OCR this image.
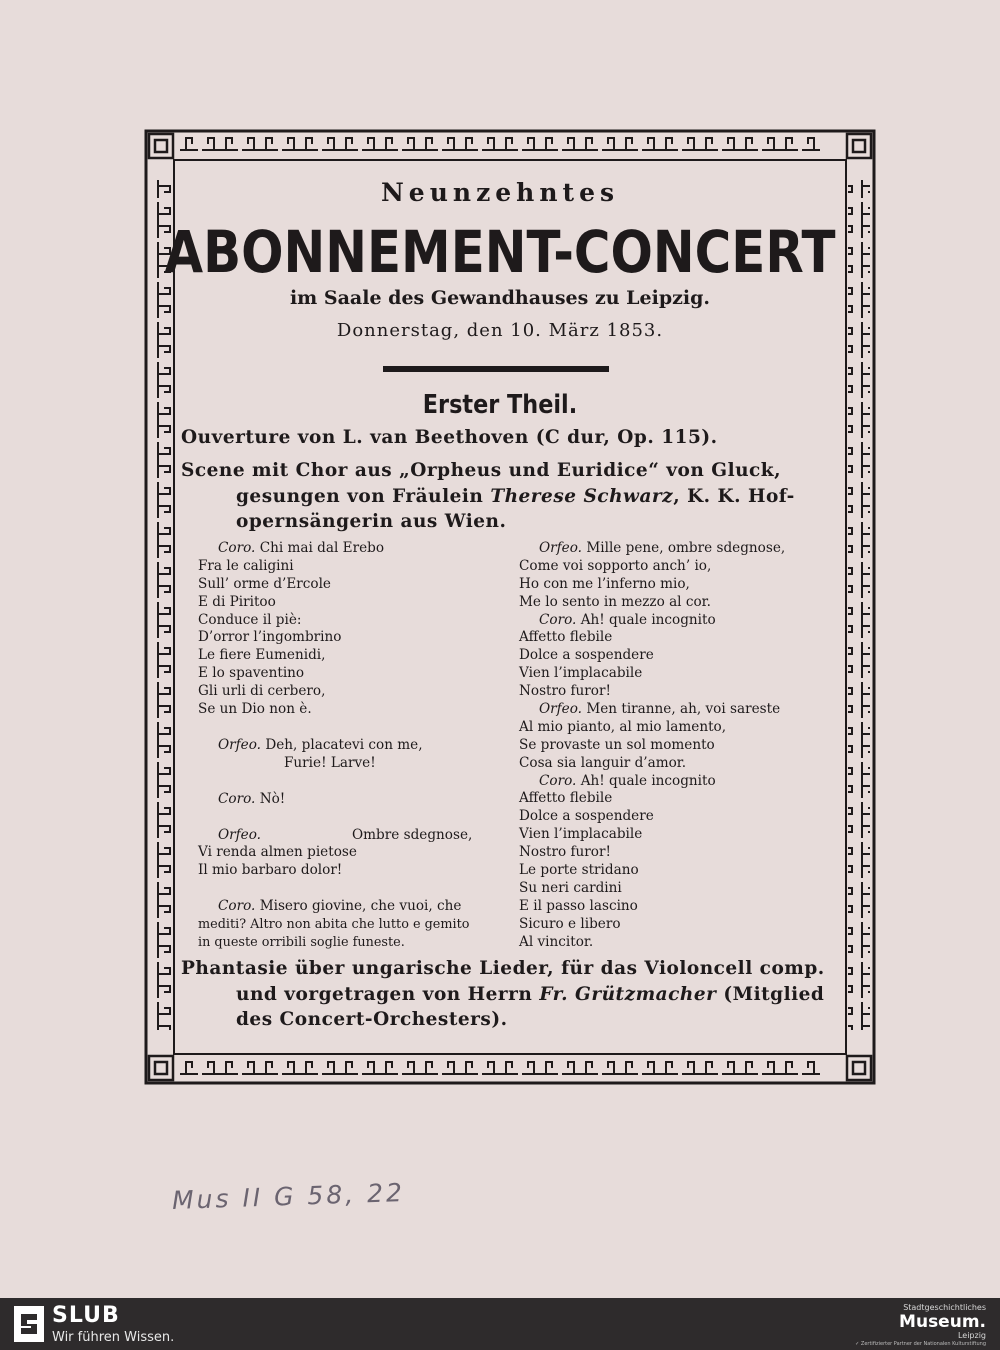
Neunzehntes
ABONNEMENT-CONCERT
im Saale des Gewandhauses zu Leipzig.
Donnerstag, den 10. März 1853.
Erster Theil.
Ouverture von L. van Beethoven (C dur, Op. 115).
Scene mit Chor aus „Orpheus und Euridice“ von Gluck,
gesungen von Fräulein Therese Schwarz, K. K. Hof-
opernsängerin aus Wien.
Coro. Chi mai dal Erebo
Fra le caligini
Sull’ orme d’Ercole
E di Piritoo
Conduce il piè:
D’orror l’ingombrino
Le fiere Eumenidi,
E lo spaventino
Gli urli di cerbero,
Se un Dio non è.
Orfeo. Deh, placatevi con me,
Furie! Larve!
Coro. Nò!
Orfeo.	Ombre sdegnose,
Vi renda almen pietose
Il mio barbaro dolor!
Coro. Misero giovine, che vuoi, che
mediti? Altro non abita che lutto e gemito
in queste orribili soglie funeste.
Orfeo. Mille pene, ombre sdegnose,
Come voi sopporto anch’ io,
Ho con me l’inferno mio,
Me lo sento in mezzo al cor.
Coro. Ah! quale incognito
Affetto flebile
Dolce a sospendere
Vien l’implacabile
Nostro furor!
Orfeo. Men tiranne, ah, voi sareste
Al mio pianto, al mio lamento,
Se provaste un sol momento
Cosa sia languir d’amor.
Coro. Ah! quale incognito
Affetto flebile
Dolce a sospendere
Vien l’implacabile
Nostro furor!
Le porte stridano
Su neri cardini
E il passo lascino
Sicuro e libero
Al vincitor.
Phantasie über ungarische Lieder, für das Violoncell comp.
und vorgetragen von Herrn Fr. Grützmacher (Mitglied
des Concert-Orchesters).
Mus II G 58, 22
SLUB
Wir führen Wissen.
Stadtgeschichtliches
Museum.
Leipzig
✓ Zertifizierter Partner der Nationalen Kulturstiftung
